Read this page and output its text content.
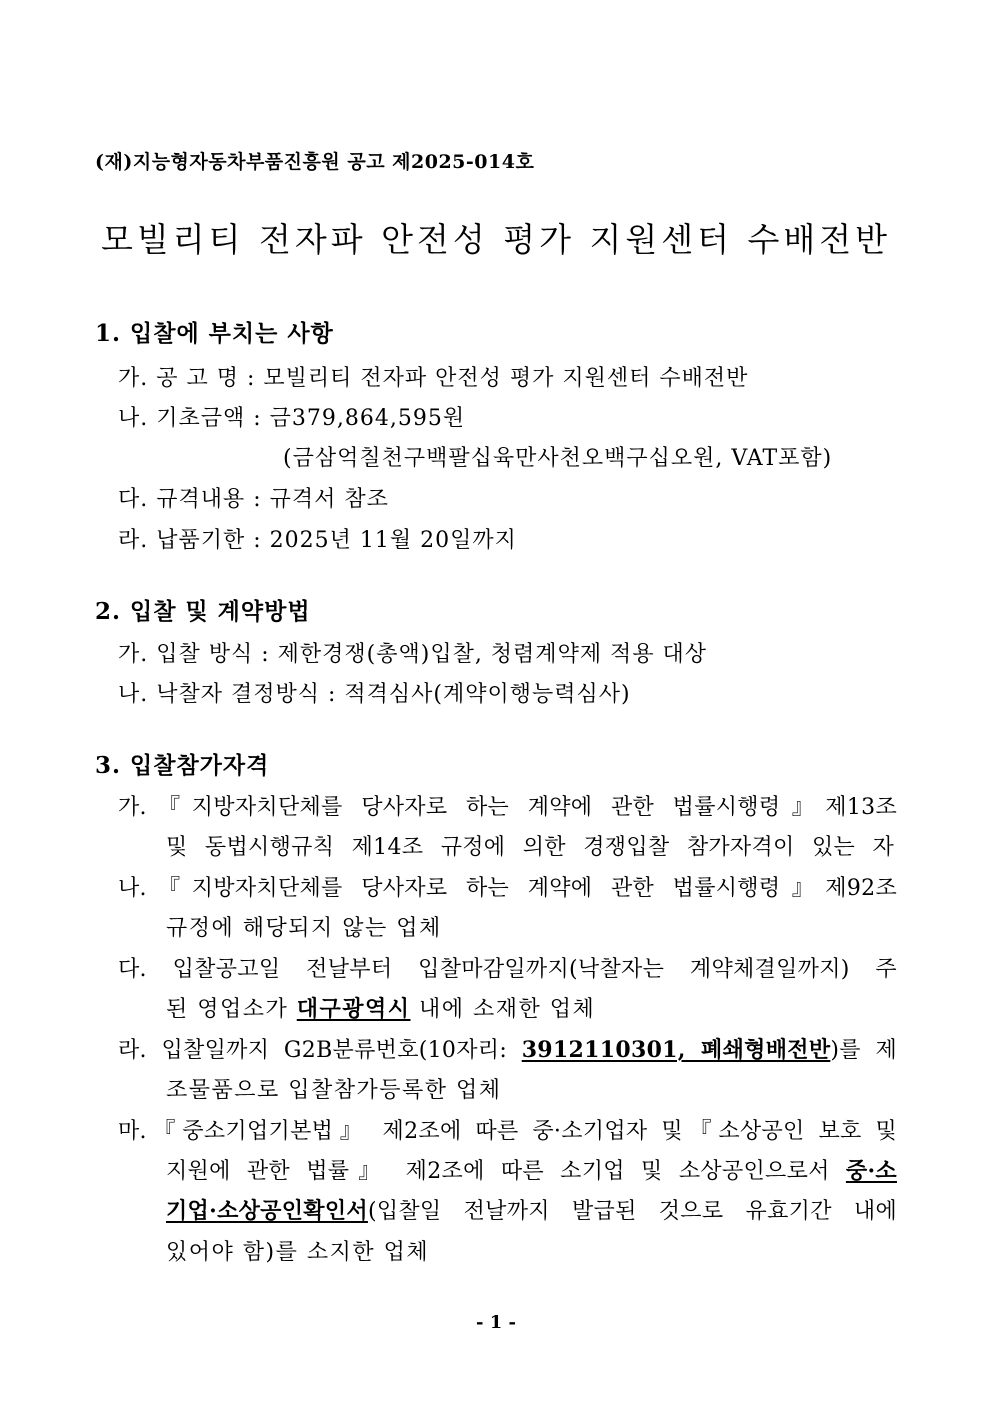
(재)지능형자동차부품진흥원 공고 제2025-014호
모빌리티 전자파 안전성 평가 지원센터 수배전반
1. 입찰에 부치는 사항
가. 공 고 명 : 모빌리티 전자파 안전성 평가 지원센터 수배전반
나. 기초금액 : 금379,864,595원
(금삼억칠천구백팔십육만사천오백구십오원, VAT포함)
다. 규격내용 : 규격서 참조
라. 납품기한 : 2025년 11월 20일까지
2. 입찰 및 계약방법
가. 입찰 방식 : 제한경쟁(총액)입찰, 청렴계약제 적용 대상
나. 낙찰자 결정방식 : 적격심사(계약이행능력심사)
3. 입찰참가자격
가.『지방자치단체를 당사자로 하는 계약에 관한 법률시행령』제13조
및 동법시행규칙 제14조 규정에 의한 경쟁입찰 참가자격이 있는 자
나.『지방자치단체를 당사자로 하는 계약에 관한 법률시행령』제92조
규정에 해당되지 않는 업체
다. 입찰공고일 전날부터 입찰마감일까지(낙찰자는 계약체결일까지) 주
된 영업소가 대구광역시 내에 소재한 업체
라. 입찰일까지 G2B분류번호(10자리: 3912110301, 폐쇄형배전반)를 제
조물품으로 입찰참가등록한 업체
마.『중소기업기본법』 제2조에 따른 중·소기업자 및『소상공인 보호 및
지원에 관한 법률』 제2조에 따른 소기업 및 소상공인으로서 중·소
기업·소상공인확인서(입찰일 전날까지 발급된 것으로 유효기간 내에
있어야 함)를 소지한 업체
- 1 -
